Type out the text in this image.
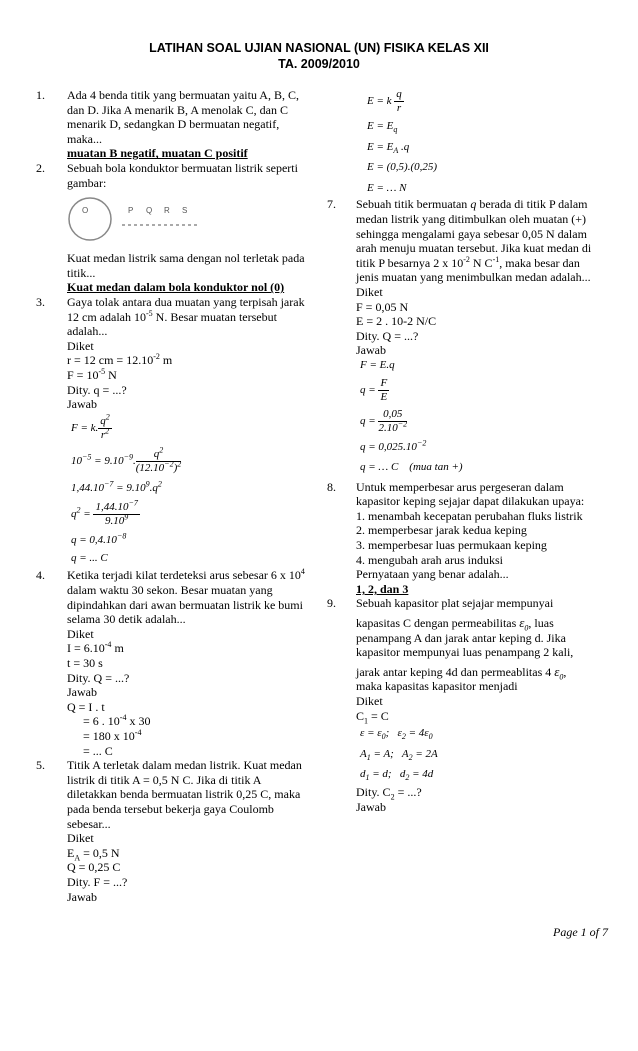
LATIHAN SOAL UJIAN NASIONAL (UN) FISIKA KELAS XII
TA. 2009/2010
1. Ada 4 benda titik yang bermuatan yaitu A, B, C,
dan D. Jika A menarik B, A menolak C, dan C
menarik D, sedangkan D bermuatan negatif,
maka...
muatan B negatif, muatan C positif
2. Sebuah bola konduktor bermuatan listrik seperti
gambar:
O	P Q R S
Kuat medan listrik sama dengan nol terletak pada
titik...
Kuat medan dalam bola konduktor nol (0)
3. Gaya tolak antara dua muatan yang terpisah jarak
12 cm adalah $10^{-5}$ N. Besar muatan tersebut
adalah...
Diket
r = 12 cm = $12.10^{-2}$ m
$F = 10^{-5}$ N
Dity. q = ...?
Jawab
F = k. $\frac{q^2}{r^2}$
$10^{-5} = 9.10^{-9}$. $\frac{q^2}{(12.10^{-2})^2}$
$1,44.10^{-7} = 9.10^9.q^2$
$q^2 = \frac{1,44.10^{-7}}{9.10^9}$
$q = 0,4.10^{-8}$
q = ... C
4. Ketika terjadi kilat terdeteksi arus sebesar 6 x $10^4$
dalam waktu 30 sekon. Besar muatan yang
dipindahkan dari awan bermuatan listrik ke bumi
selama 30 detik adalah...
Diket
$I = 6.10^{-4}$ m
t = 30 s
Dity. Q = ...?
Jawab
Q = I . t
= 6 . $10^{-4}$ x 30
= 180 x $10^{-4}$
= ... C
5. Titik A terletak dalam medan listrik. Kuat medan
listrik di titik A = 0,5 N C. Jika di titik A
diletakkan benda bermuatan listrik 0,25 C, maka
pada benda tersebut bekerja gaya Coulomb
sebesar...
Diket
$E_A = 0,5$ N
Q = 0,25 C
Dity. F = ...?
Jawab
E = k $\frac{q}{r}$
$E = E_q$
$E = E_A$ .q
E = (0,5).(0,25)
E = … N
7. Sebuah titik bermuatan q berada di titik P dalam
medan listrik yang ditimbulkan oleh muatan (+)
sehingga mengalami gaya sebesar 0,05 N dalam
arah menuju muatan tersebut. Jika kuat medan di
titik P besarnya 2 x $10^{-2}$ N $C^{-1}$, maka besar dan
jenis muatan yang menimbulkan medan adalah...
Diket
F = 0,05 N
E = 2 . 10-2 N/C
Dity. Q = ...?
Jawab
F = E.q
$q = \frac{F}{E}$
$q = \frac{0,05}{2.10^{-2}}$
$q = 0,025.10^{-2}$
q = … C    (mua tan +)
8. Untuk memperbesar arus pergeseran dalam
kapasitor keping sejajar dapat dilakukan upaya:
1. menambah kecepatan perubahan fluks listrik
2. memperbesar jarak kedua keping
3. memperbesar luas permukaan keping
4. mengubah arah arus induksi
Pernyataan yang benar adalah...
1, 2, dan 3
9. Sebuah kapasitor plat sejajar mempunyai
kapasitas C dengan permeabilitas $\varepsilon_0$, luas
penampang A dan jarak antar keping d. Jika
kapasitor mempunyai luas penampang 2 kali,
jarak antar keping 4d dan permeablitas 4 $\varepsilon_0$,
maka kapasitas kapasitor menjadi
Diket
$C_1 = C$
$\varepsilon = \varepsilon_0$;   $\varepsilon_2 = 4\varepsilon_0$
$A_1 = A$;   $A_2 = 2A$
$d_1 = d$;   $d_2 = 4d$
Dity. $C_2$ = ...?
Jawab
Page 1 of 7
